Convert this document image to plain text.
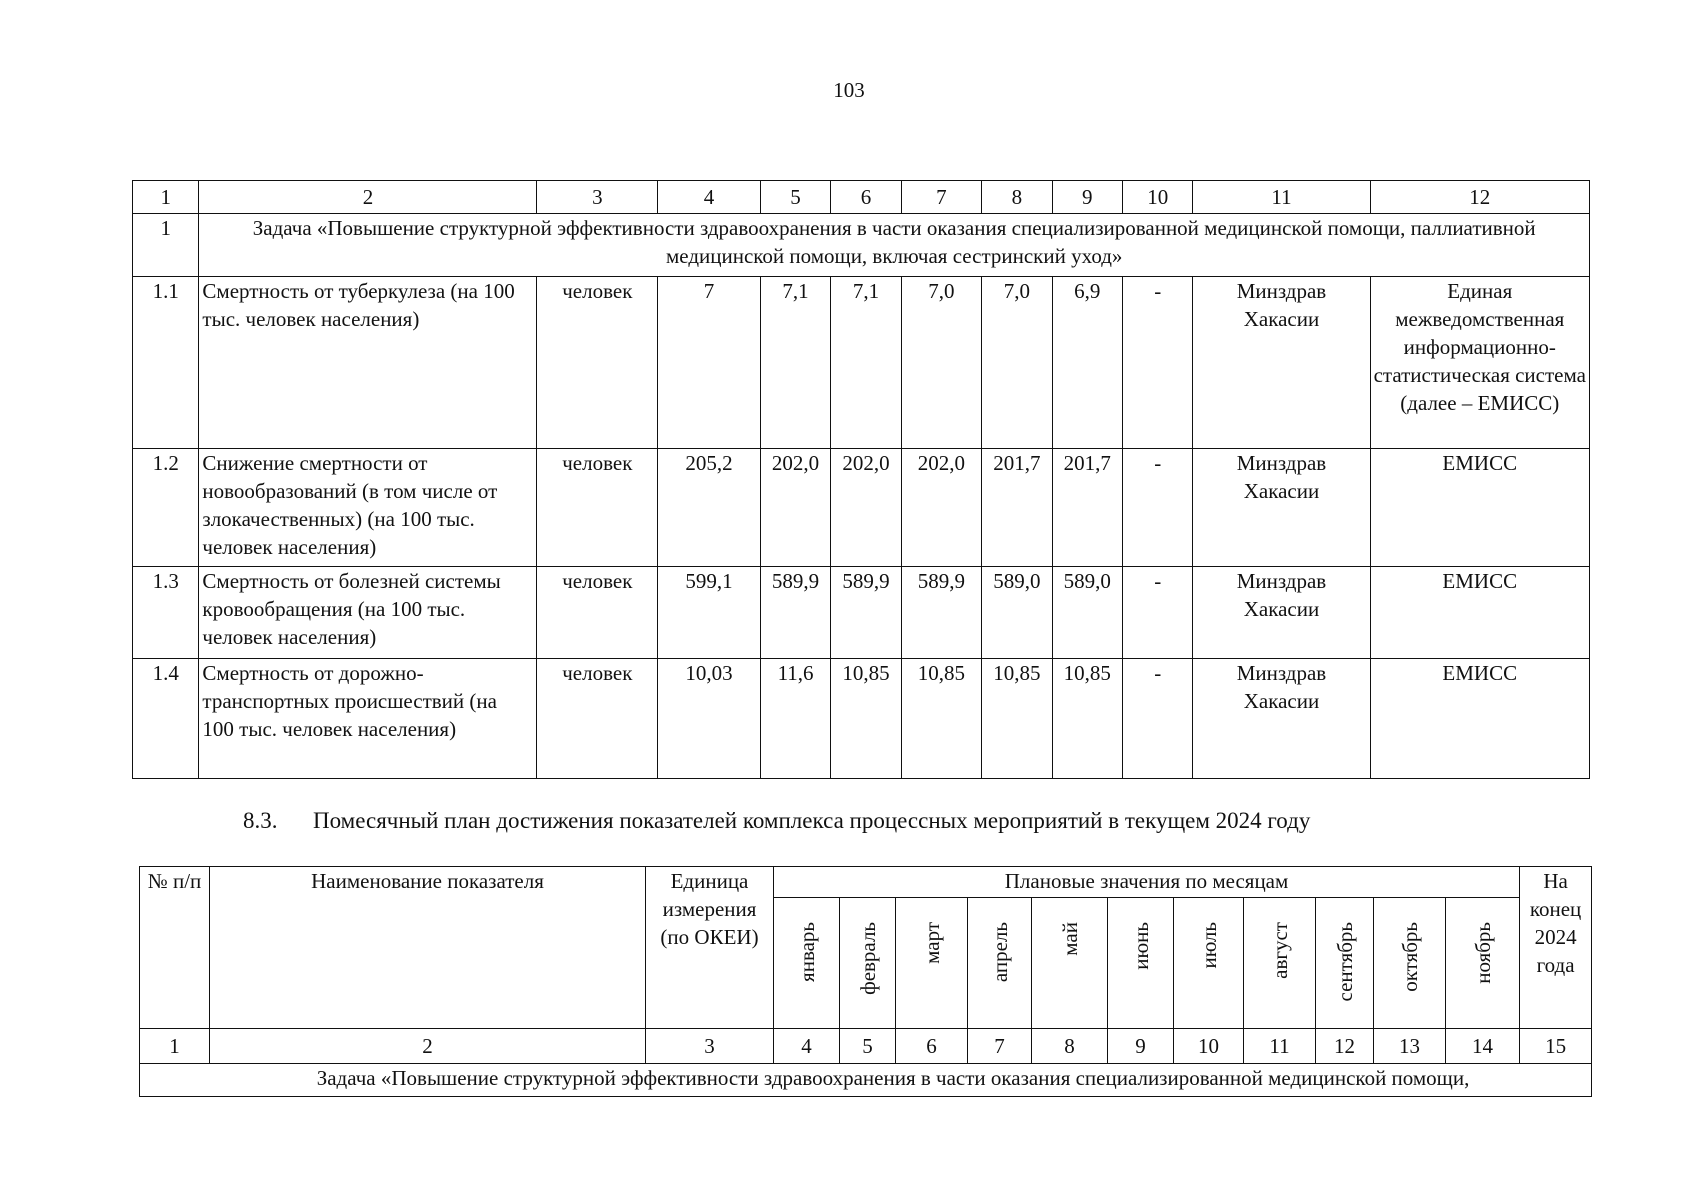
103
1	2	3	4	5	6	7	8	9	10	11	12
1	Задача «Повышение структурной эффективности здравоохранения в части оказания специализированной медицинской помощи, паллиативной медицинской помощи, включая сестринский уход»										
1.1	Смертность от туберкулеза (на 100 тыс. человек населения)	человек	7	7,1	7,1	7,0	7,0	6,9	-	Минздрав Хакасии	Единая межведомственная информационно-статистическая система (далее – ЕМИСС)
1.2	Снижение смертности от новообразований (в том числе от злокачественных) (на 100 тыс. человек населения)	человек	205,2	202,0	202,0	202,0	201,7	201,7	-	Минздрав Хакасии	ЕМИСС
1.3	Смертность от болезней системы кровообращения (на 100 тыс. человек населения)	человек	599,1	589,9	589,9	589,9	589,0	589,0	-	Минздрав Хакасии	ЕМИСС
1.4	Смертность от дорожно-транспортных происшествий (на 100 тыс. человек населения)	человек	10,03	11,6	10,85	10,85	10,85	10,85	-	Минздрав Хакасии	ЕМИСС
8.3. Помесячный план достижения показателей комплекса процессных мероприятий в текущем 2024 году
№ п/п	Наименование показателя	Единица измерения (по ОКЕИ)	Плановые значения по месяцам											На конец 2024 года
			январь	февраль	март	апрель	май	июнь	июль	август	сентябрь	октябрь	ноябрь	
1	2	3	4	5	6	7	8	9	10	11	12	13	14	15
Задача «Повышение структурной эффективности здравоохранения в части оказания специализированной медицинской помощи,														
